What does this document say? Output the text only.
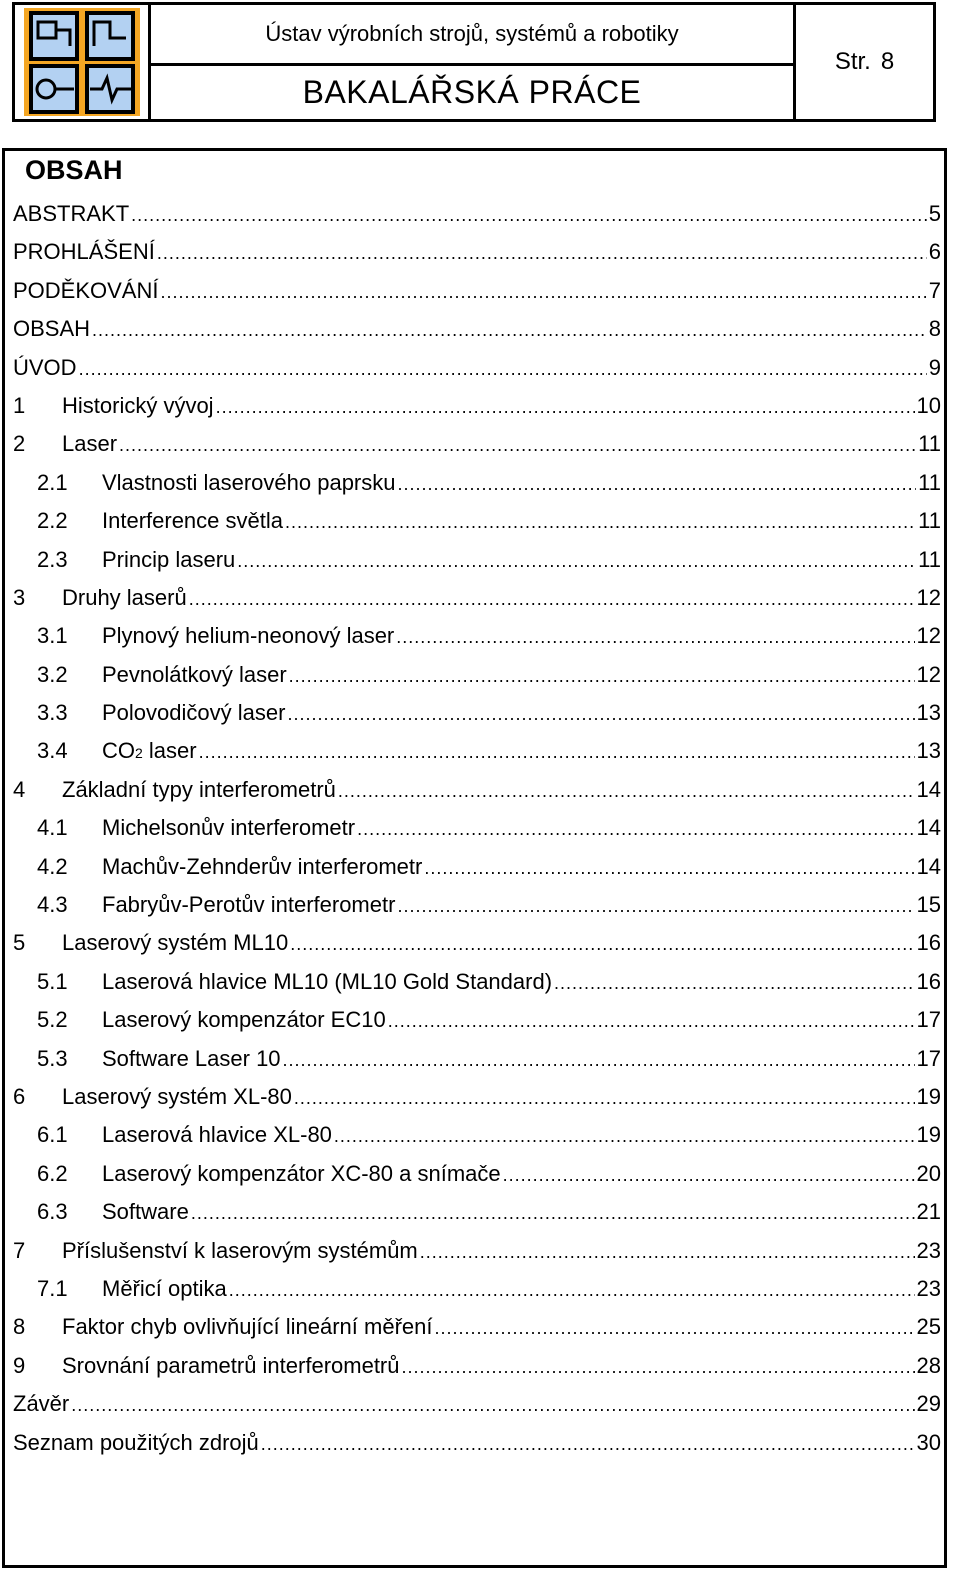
Ústav výrobních strojů, systémů a robotiky
BAKALÁŘSKÁ PRÁCE
Str. 8
OBSAH
ABSTRAKT .....	5
PROHLÁŠENÍ .....	6
PODĚKOVÁNÍ .....	7
OBSAH .....	8
ÚVOD .....	9
1	Historický vývoj .....	10
2	Laser .....	11
2.1	Vlastnosti laserového paprsku .....	11
2.2	Interference světla .....	11
2.3	Princip laseru .....	11
3	Druhy laserů .....	12
3.1	Plynový helium-neonový laser .....	12
3.2	Pevnolátkový laser .....	12
3.3	Polovodičový laser .....	13
3.4	CO2 laser .....	13
4	Základní typy interferometrů .....	14
4.1	Michelsonův interferometr .....	14
4.2	Machův-Zehnderův interferometr .....	14
4.3	Fabryův-Perotův interferometr .....	15
5	Laserový systém ML10 .....	16
5.1	Laserová hlavice ML10 (ML10 Gold Standard) .....	16
5.2	Laserový kompenzátor EC10 .....	17
5.3	Software Laser 10 .....	17
6	Laserový systém XL-80 .....	19
6.1	Laserová hlavice XL-80 .....	19
6.2	Laserový kompenzátor XC-80 a snímače .....	20
6.3	Software .....	21
7	Příslušenství k laserovým systémům .....	23
7.1	Měřicí optika .....	23
8	Faktor chyb ovlivňující lineární měření .....	25
9	Srovnání parametrů interferometrů .....	28
Závěr .....	29
Seznam použitých zdrojů .....	30
